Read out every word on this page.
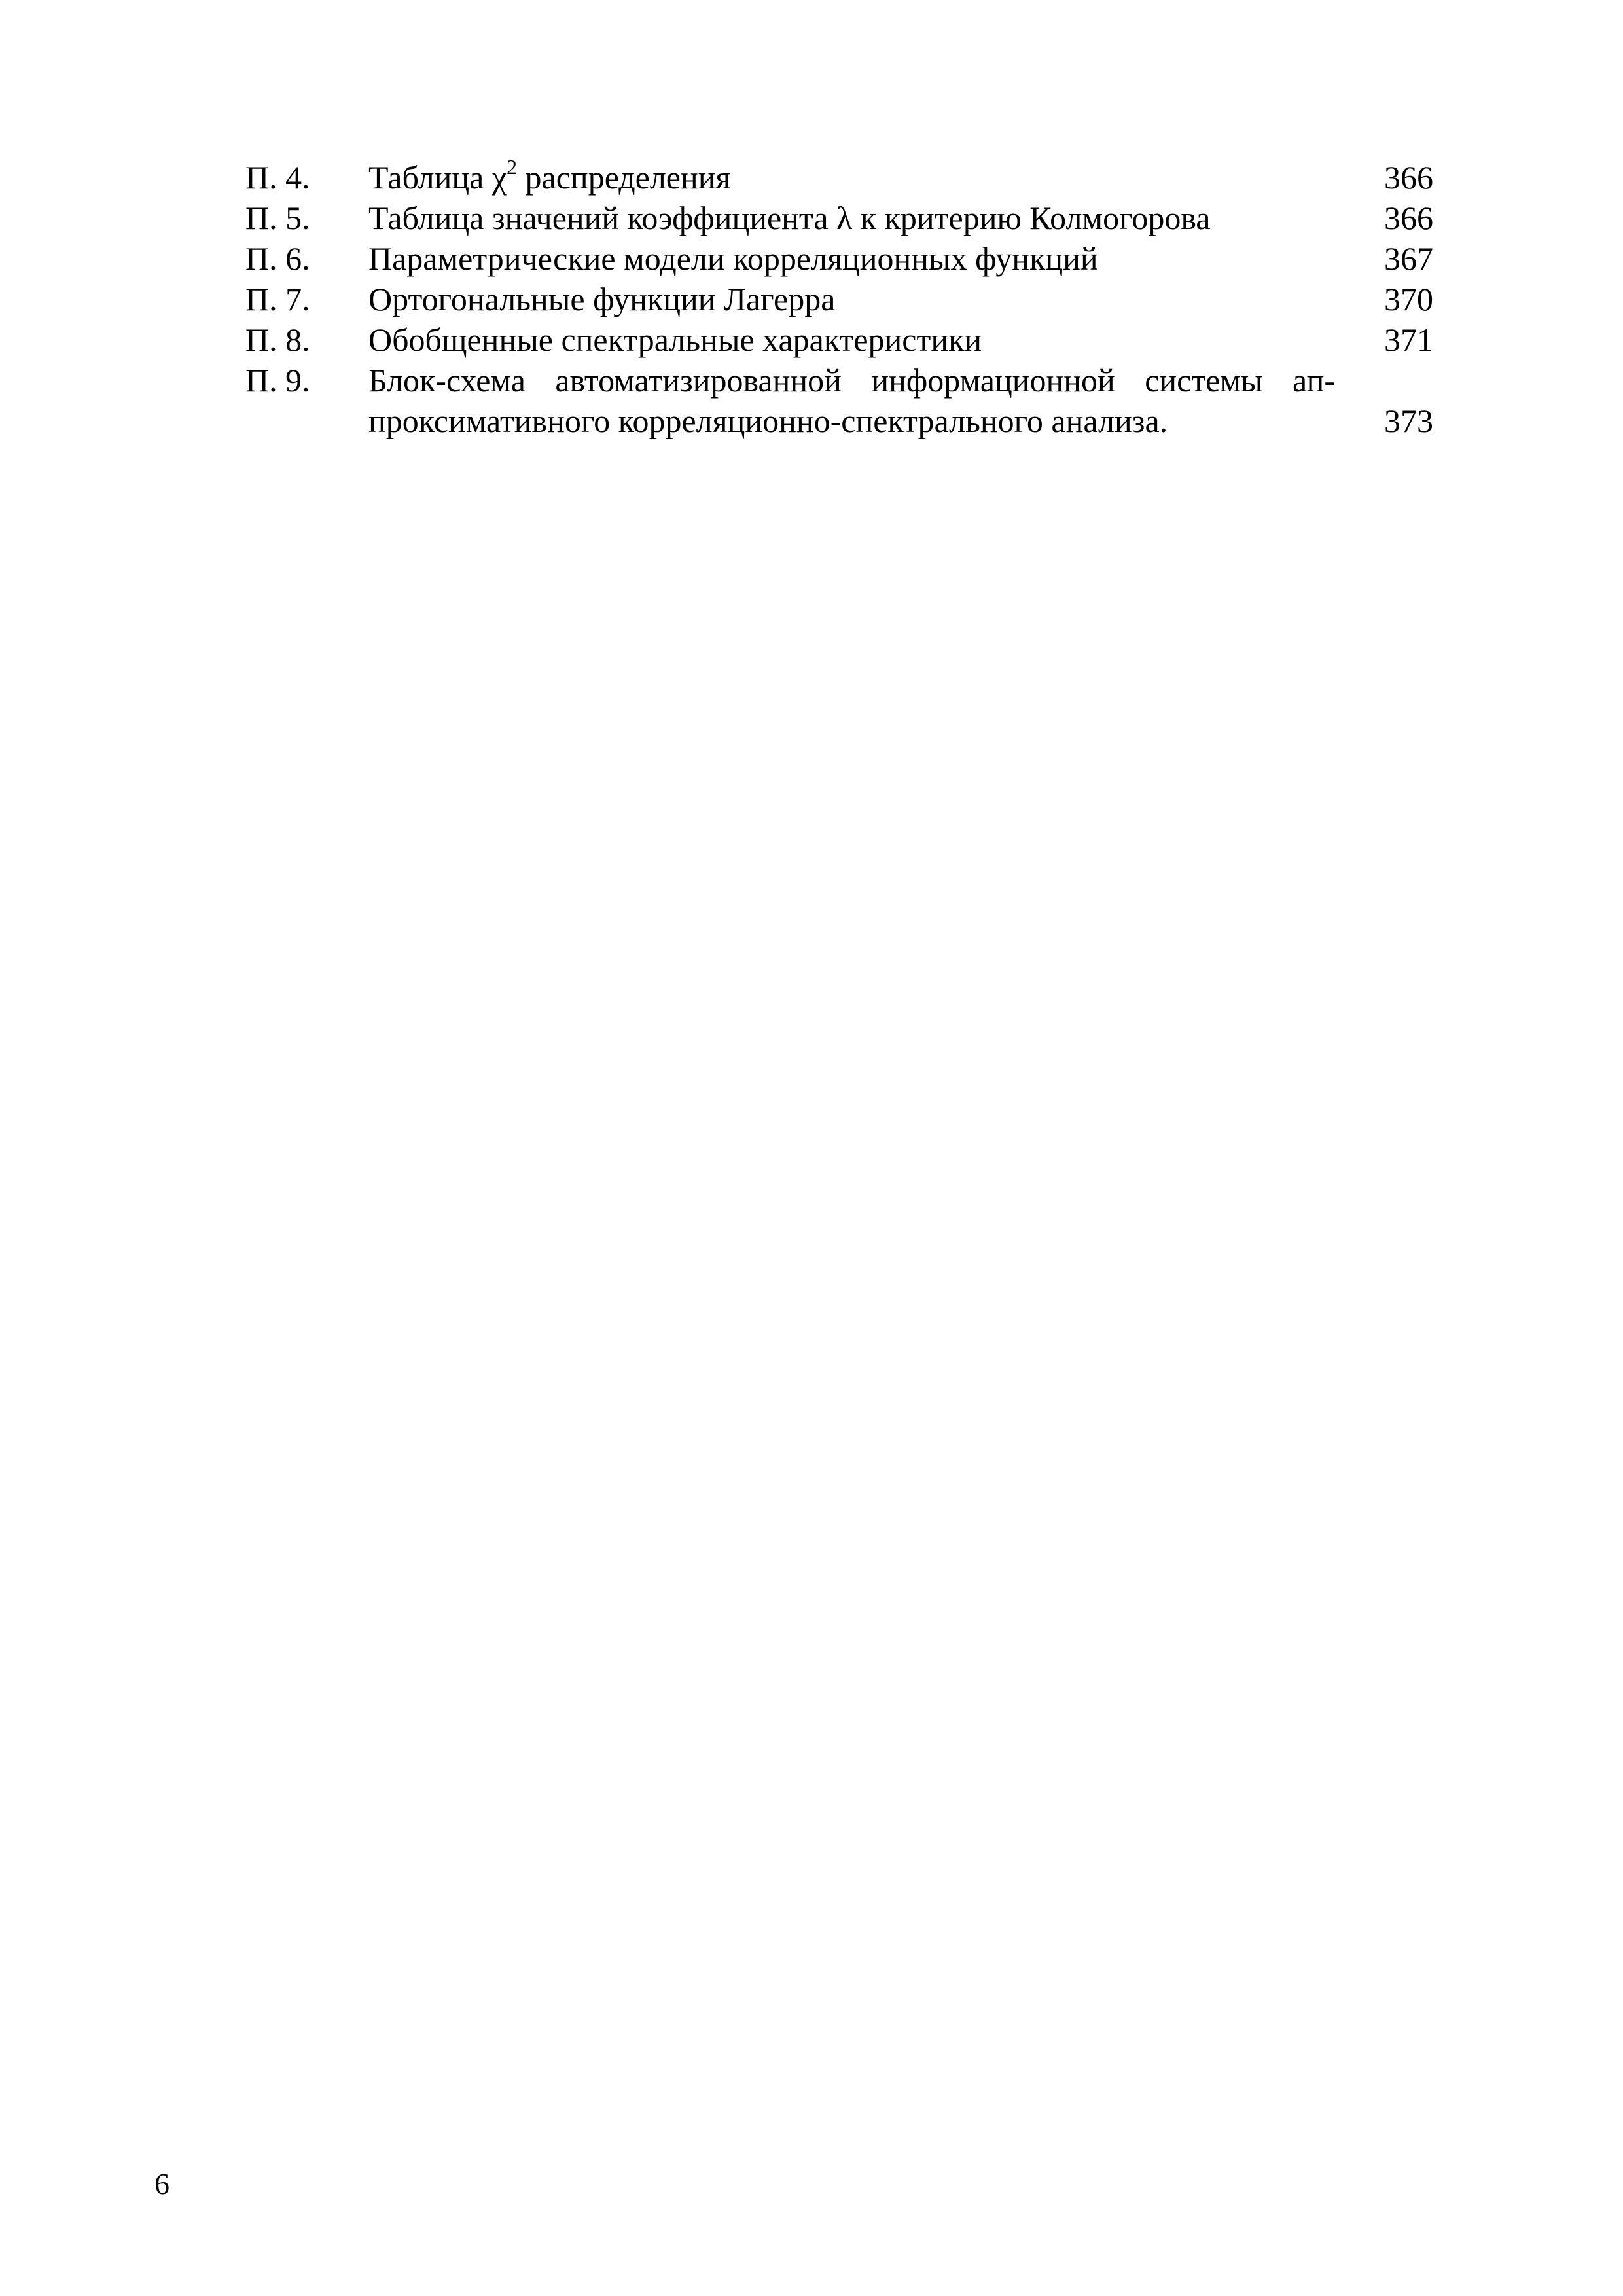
П. 4. Таблица $\chi^2$ распределения	366
П. 5. Таблица значений коэффициента λ к критерию Колмогорова	366
П. 6. Параметрические модели корреляционных функций	367
П. 7. Ортогональные функции Лагерра	370
П. 8. Обобщенные спектральные характеристики	371
П. 9. Блок-схема автоматизированной информационной системы ап-
проксимативного корреляционно-спектрального анализа.	373
6
